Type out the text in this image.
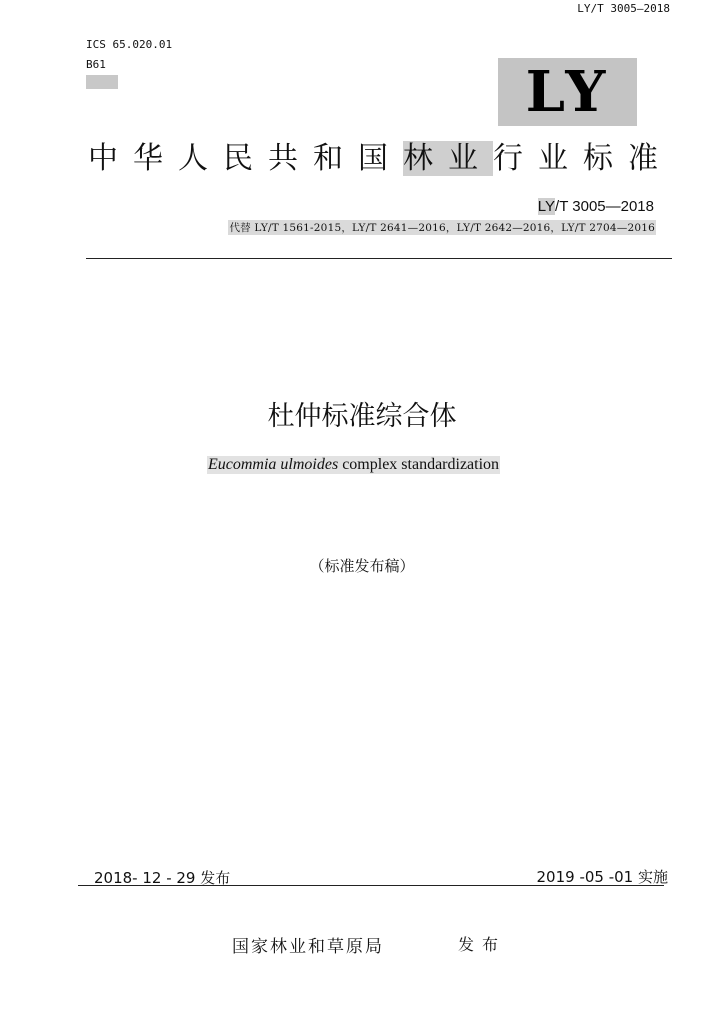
LY/T 3005—2018
ICS 65.020.01
B61	LY
中华人民共和国林业行业标准
LY/T 3005—2018
代替 LY/T 1561-2015，LY/T 2641—2016，LY/T 2642—2016，LY/T 2704—2016
杜仲标准综合体
Eucommia ulmoides complex standardization
（标准发布稿）
2018- 12 - 29 发布	2019 -05 -01 实施
国家林业和草原局	发布
